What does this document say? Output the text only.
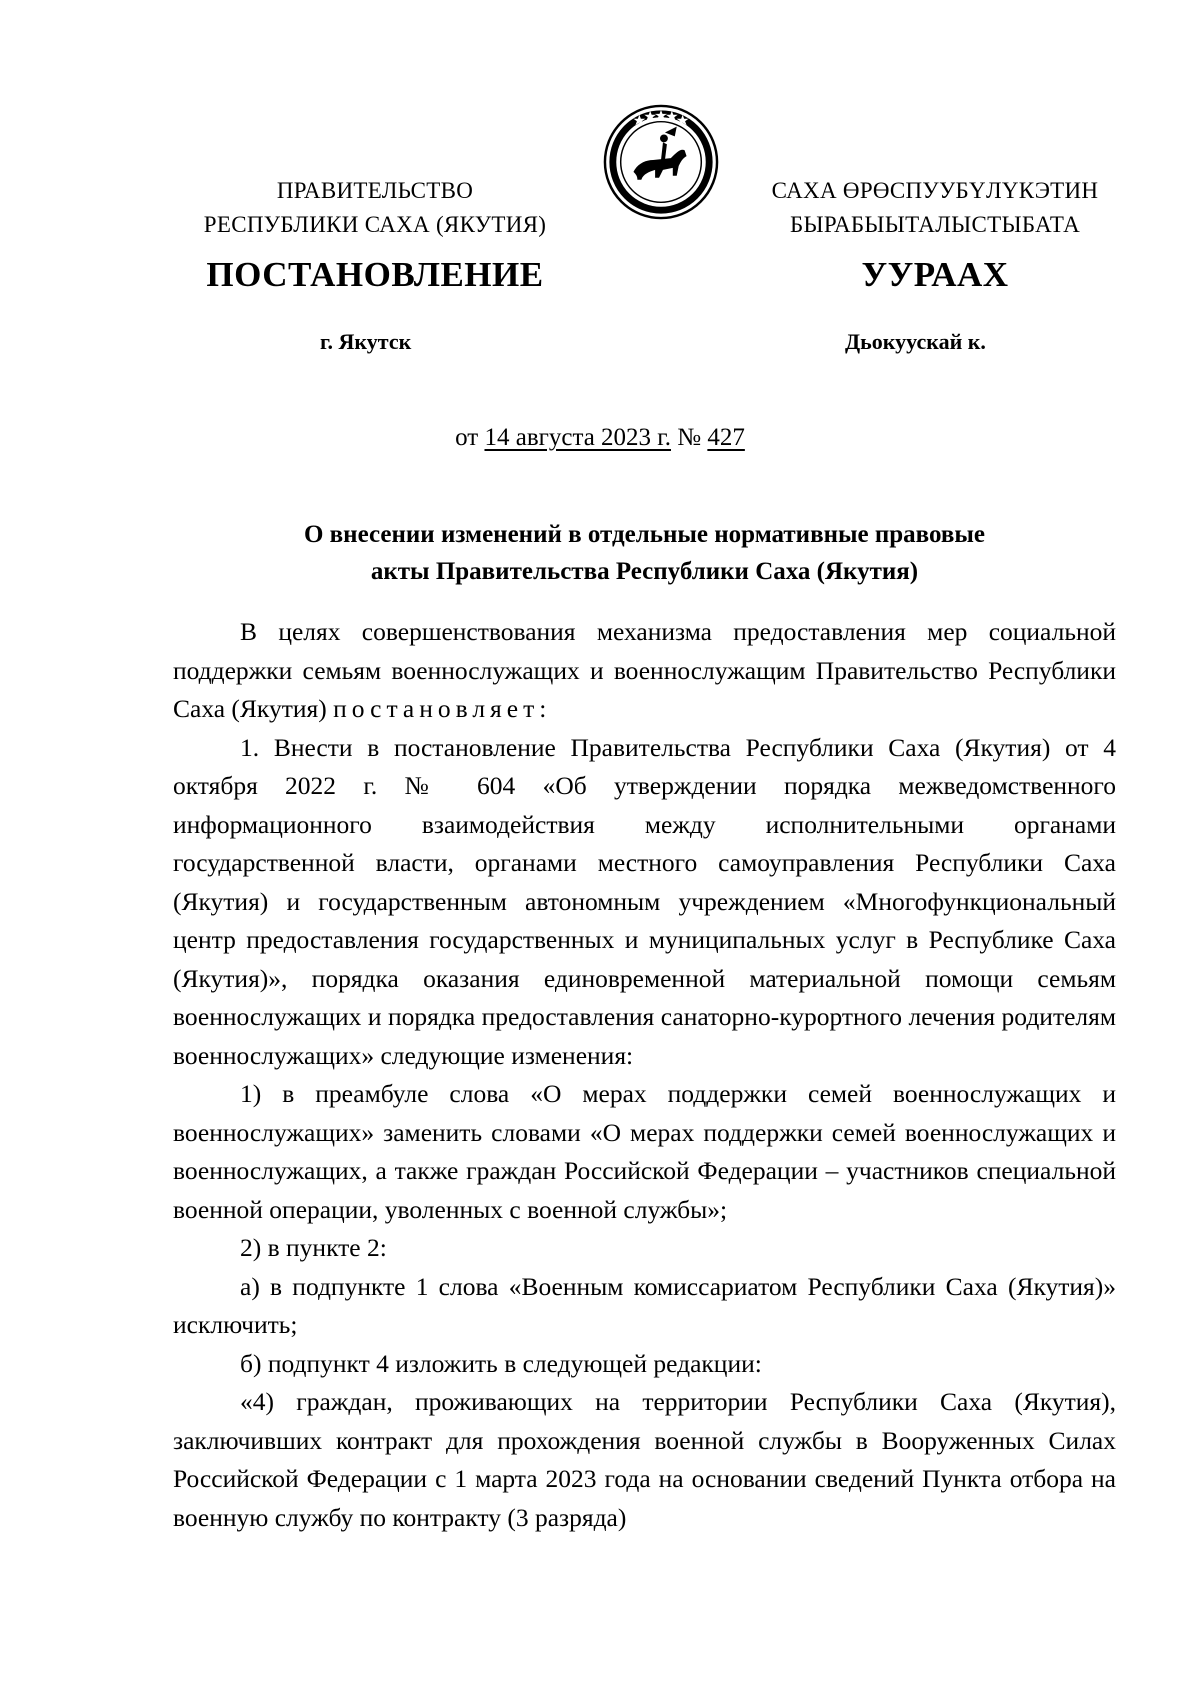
ПРАВИТЕЛЬСТВО
РЕСПУБЛИКИ САХА (ЯКУТИЯ)
САХА ӨРӨСПУУБҮЛҮКЭТИН
БЫРАБЫЫТАЛЫСТЫБАТА
ПОСТАНОВЛЕНИЕ	УУРААХ
г. Якутск	Дьокуускай к.
от 14 августа 2023 г. № 427
О внесении изменений в отдельные нормативные правовые
акты Правительства Республики Саха (Якутия)

В целях совершенствования механизма предоставления мер социальной поддержки семьям военнослужащих и военнослужащим Правительство Республики Саха (Якутия) постановляет:

1. Внести в постановление Правительства Республики Саха (Якутия) от 4 октября 2022 г. № 604 «Об утверждении порядка межведомственного информационного взаимодействия между исполнительными органами государственной власти, органами местного самоуправления Республики Саха (Якутия) и государственным автономным учреждением «Многофункциональный центр предоставления государственных и муниципальных услуг в Республике Саха (Якутия)», порядка оказания единовременной материальной помощи семьям военнослужащих и порядка предоставления санаторно-курортного лечения родителям военнослужащих» следующие изменения:

1) в преамбуле слова «О мерах поддержки семей военнослужащих и военнослужащих» заменить словами «О мерах поддержки семей военнослужащих и военнослужащих, а также граждан Российской Федерации – участников специальной военной операции, уволенных с военной службы»;

2) в пункте 2:

а) в подпункте 1 слова «Военным комиссариатом Республики Саха (Якутия)» исключить;

б) подпункт 4 изложить в следующей редакции:

«4) граждан, проживающих на территории Республики Саха (Якутия), заключивших контракт для прохождения военной службы в Вооруженных Силах Российской Федерации с 1 марта 2023 года на основании сведений Пункта отбора на военную службу по контракту (3 разряда)
